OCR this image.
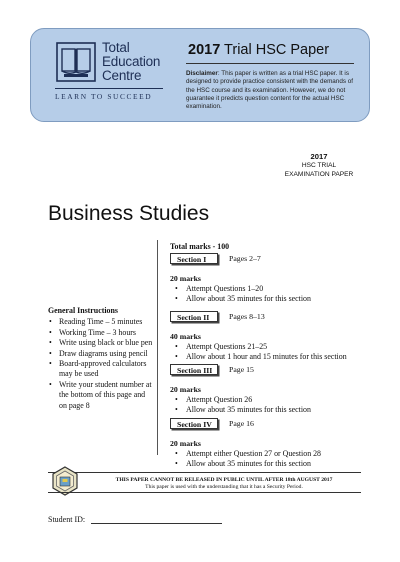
Total
Education
Centre
LEARN TO SUCCEED
2017 Trial HSC Paper
Disclaimer: This paper is written as a trial HSC paper. It is designed to provide practice consistent with the demands of the HSC course and its examination. However, we do not guarantee it predicts question content for the actual HSC examination.
2017
HSC TRIAL
EXAMINATION PAPER
Business Studies
General Instructions
• Reading Time – 5 minutes
• Working Time – 3 hours
• Write using black or blue pen
• Draw diagrams using pencil
• Board-approved calculators may be used
• Write your student number at the bottom of this page and on page 8
Total marks - 100
Section I	Pages 2–7
20 marks
• Attempt Questions 1–20
• Allow about 35 minutes for this section
Section II	Pages 8–13
40 marks
• Attempt Questions 21–25
• Allow about 1 hour and 15 minutes for this section
Section III	Page 15
20 marks
• Attempt Question 26
• Allow about 35 minutes for this section
Section IV	Page 16
20 marks
• Attempt either Question 27 or Question 28
• Allow about 35 minutes for this section
THIS PAPER CANNOT BE RELEASED IN PUBLIC UNTIL AFTER 18th AUGUST 2017
This paper is used with the understanding that it has a Security Period.
Student ID:
